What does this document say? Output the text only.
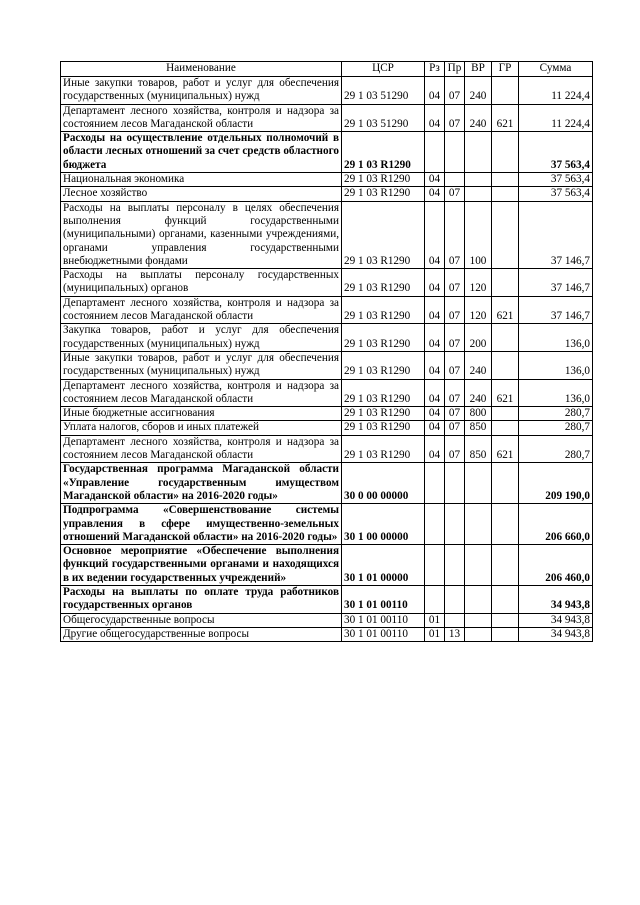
Наименование	ЦСР	Рз	Пр	ВР	ГР	Сумма
Иные закупки товаров, работ и услуг для обеспечения государственных (муниципальных) нужд	29 1 03 51290	04	07	240		11 224,4
Департамент лесного хозяйства, контроля и надзора за состоянием лесов Магаданской области	29 1 03 51290	04	07	240	621	11 224,4
Расходы на осуществление отдельных полномочий в области лесных отношений за счет средств областного бюджета	29 1 03 R1290					37 563,4
Национальная экономика	29 1 03 R1290	04				37 563,4
Лесное хозяйство	29 1 03 R1290	04	07			37 563,4
Расходы на выплаты персоналу в целях обеспечения выполнения функций государственными (муниципальными) органами, казенными учреждениями, органами управления государственными внебюджетными фондами	29 1 03 R1290	04	07	100		37 146,7
Расходы на выплаты персоналу государственных (муниципальных) органов	29 1 03 R1290	04	07	120		37 146,7
Департамент лесного хозяйства, контроля и надзора за состоянием лесов Магаданской области	29 1 03 R1290	04	07	120	621	37 146,7
Закупка товаров, работ и услуг для обеспечения государственных (муниципальных) нужд	29 1 03 R1290	04	07	200		136,0
Иные закупки товаров, работ и услуг для обеспечения государственных (муниципальных) нужд	29 1 03 R1290	04	07	240		136,0
Департамент лесного хозяйства, контроля и надзора за состоянием лесов Магаданской области	29 1 03 R1290	04	07	240	621	136,0
Иные бюджетные ассигнования	29 1 03 R1290	04	07	800		280,7
Уплата налогов, сборов и иных платежей	29 1 03 R1290	04	07	850		280,7
Департамент лесного хозяйства, контроля и надзора за состоянием лесов Магаданской области	29 1 03 R1290	04	07	850	621	280,7
Государственная программа Магаданской области «Управление государственным имуществом Магаданской области» на 2016-2020 годы»	30 0 00 00000					209 190,0
Подпрограмма «Совершенствование системы управления в сфере имущественно-земельных отношений Магаданской области» на 2016-2020 годы»	30 1 00 00000					206 660,0
Основное мероприятие «Обеспечение выполнения функций государственными органами и находящихся в их ведении государственных учреждений»	30 1 01 00000					206 460,0
Расходы на выплаты по оплате труда работников государственных органов	30 1 01 00110					34 943,8
Общегосударственные вопросы	30 1 01 00110	01				34 943,8
Другие общегосударственные вопросы	30 1 01 00110	01	13			34 943,8
